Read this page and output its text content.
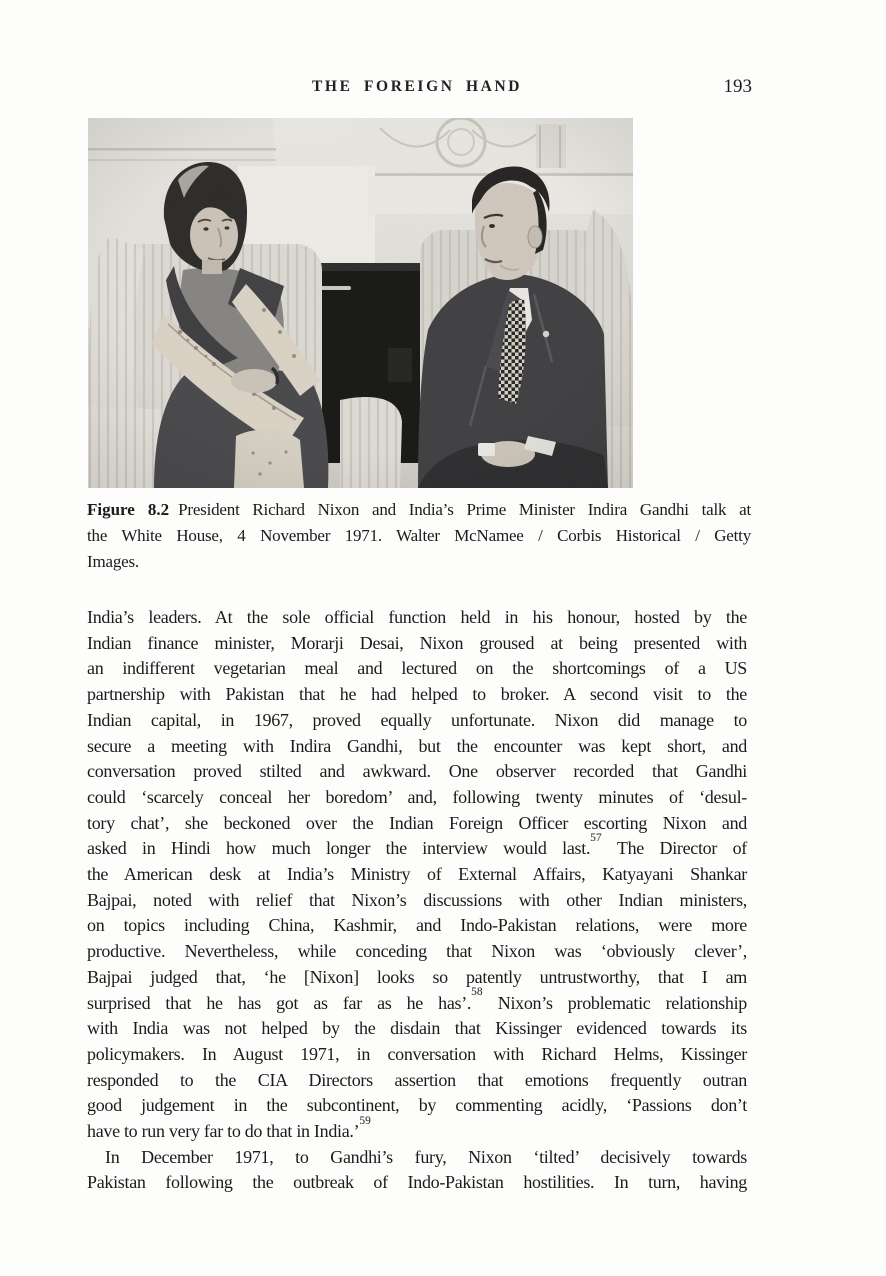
THE FOREIGN HAND	193
Figure 8.2 President Richard Nixon and India’s Prime Minister Indira Gandhi talk at
the White House, 4 November 1971. Walter McNamee / Corbis Historical / Getty
Images.
India’s leaders. At the sole official function held in his honour, hosted by the
Indian finance minister, Morarji Desai, Nixon groused at being presented with
an indifferent vegetarian meal and lectured on the shortcomings of a US
partnership with Pakistan that he had helped to broker. A second visit to the
Indian capital, in 1967, proved equally unfortunate. Nixon did manage to
secure a meeting with Indira Gandhi, but the encounter was kept short, and
conversation proved stilted and awkward. One observer recorded that Gandhi
could ‘scarcely conceal her boredom’ and, following twenty minutes of ‘desul-
tory chat’, she beckoned over the Indian Foreign Officer escorting Nixon and
asked in Hindi how much longer the interview would last.$^{57}$ The Director of
the American desk at India’s Ministry of External Affairs, Katyayani Shankar
Bajpai, noted with relief that Nixon’s discussions with other Indian ministers,
on topics including China, Kashmir, and Indo-Pakistan relations, were more
productive. Nevertheless, while conceding that Nixon was ‘obviously clever’,
Bajpai judged that, ‘he [Nixon] looks so patently untrustworthy, that I am
surprised that he has got as far as he has’.$^{58}$ Nixon’s problematic relationship
with India was not helped by the disdain that Kissinger evidenced towards its
policymakers. In August 1971, in conversation with Richard Helms, Kissinger
responded to the CIA Directors assertion that emotions frequently outran
good judgement in the subcontinent, by commenting acidly, ‘Passions don’t
have to run very far to do that in India.’$^{59}$
In December 1971, to Gandhi’s fury, Nixon ‘tilted’ decisively towards
Pakistan following the outbreak of Indo-Pakistan hostilities. In turn, having
